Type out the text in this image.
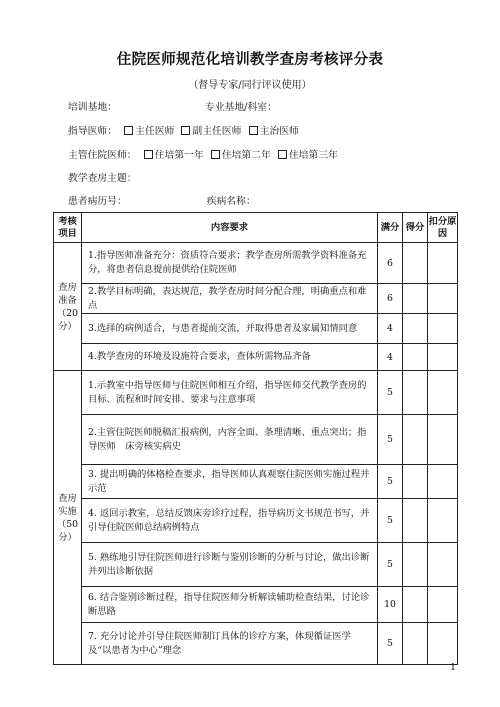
住院医师规范化培训教学查房考核评分表
（督导专家/同行评议使用）
培训基地：	专业基地/科室：
指导医师： 主任医师 副主任医师 主治医师
主管住院医师： 住培第一年 住培第二年 住培第三年
教学查房主题：
患者病历号：	疾病名称：
考核项目	内容要求	满分	得分	扣分原因
查房准备（20分）	1.指导医师准备充分：资质符合要求；教学查房所需教学资料准备充分，将患者信息提前提供给住院医师	6		
	2.教学目标明确，表达规范，教学查房时间分配合理，明确重点和难点	6		
	3.选择的病例适合，与患者提前交流，并取得患者及家属知情同意	4		
	4.教学查房的环境及设施符合要求，查体所需物品齐备	4		
查房实施（50分）	1.示教室中指导医师与住院医师相互介绍，指导医师交代教学查房的目标、流程和时间安排、要求与注意事项	5		
	2.主管住院医师脱稿汇报病例，内容全面、条理清晰、重点突出；指导医师　床旁核实病史	5		
	3. 提出明确的体格检查要求，指导医师认真观察住院医师实施过程并示范	5		
	4. 返回示教室，总结反馈床旁诊疗过程，指导病历文书规范书写，并引导住院医师总结病例特点	5		
	5. 熟练地引导住院医师进行诊断与鉴别诊断的分析与讨论，做出诊断并列出诊断依据	5		
	6. 结合鉴别诊断过程，指导住院医师分析解读辅助检查结果，讨论诊断思路	10		
	7. 充分讨论并引导住院医师制订具体的诊疗方案，体现循证医学及“以患者为中心”理念	5		
1
